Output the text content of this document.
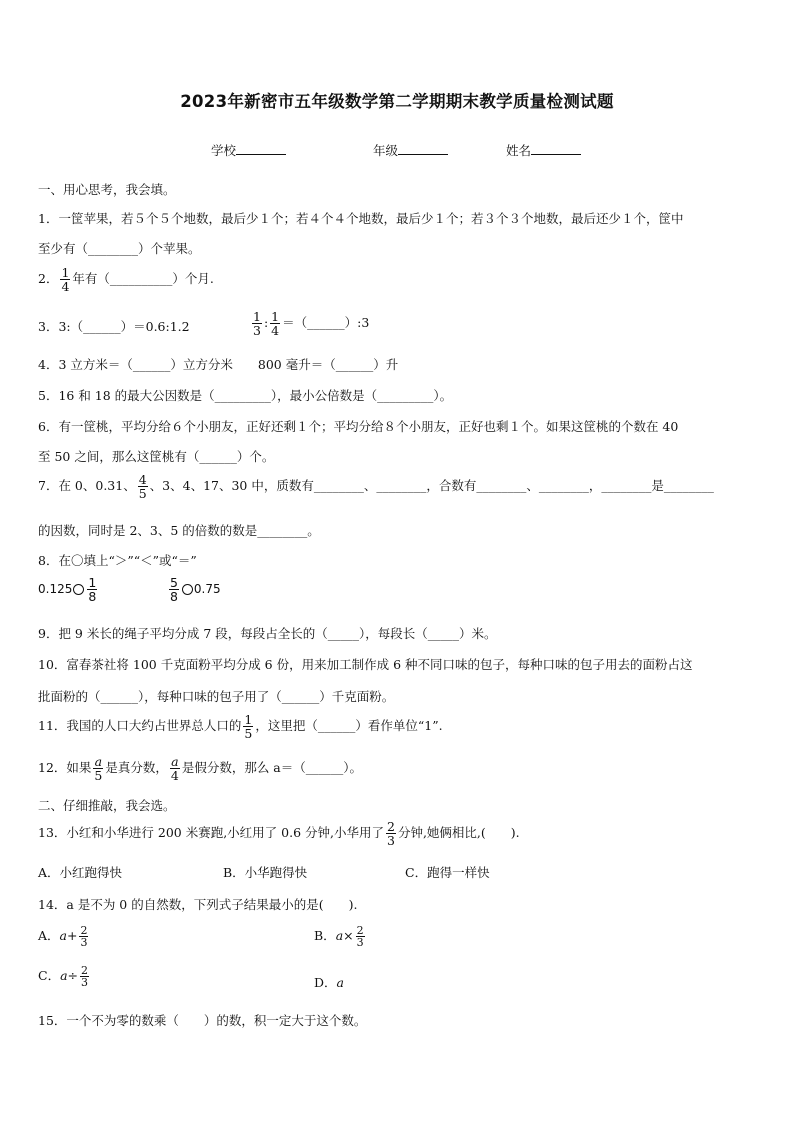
2023年新密市五年级数学第二学期期末教学质量检测试题
学校	年级	姓名
一、用心思考，我会填。
1．一筐苹果，若５个５个地数，最后少１个；若４个４个地数，最后少１个；若３个３个地数，最后还少１个，筐中
至少有（________）个苹果。
2． $\frac{1}{4}$ 年有（__________）个月.
3．3:（______）＝0.6:1.2	$\frac{1}{3}$ : $\frac{1}{4}$ ＝（______）:3
4．3 立方米＝（______）立方分米　　800 毫升＝（______）升
5．16 和 18 的最大公因数是（_________），最小公倍数是（_________）。
6．有一筐桃，平均分给６个小朋友，正好还剩１个；平均分给８个小朋友，正好也剩１个。如果这筐桃的个数在 40
至 50 之间，那么这筐桃有（______）个。
7．在 0、0.31、 $\frac{4}{5}$ 、3、4、17、30 中，质数有________、________，合数有________、________，________是________
的因数，同时是 2、3、5 的倍数的数是________。
8．在〇填上“＞”“＜”或“＝”
$0.125 \frac{1}{8}$
	$\frac{5}{8} 0.75$
9．把 9 米长的绳子平均分成 7 段，每段占全长的（_____），每段长（_____）米。
10．富春茶社将 100 千克面粉平均分成 6 份，用来加工制作成 6 种不同口味的包子，每种口味的包子用去的面粉占这
批面粉的（______），每种口味的包子用了（______）千克面粉。
11．我国的人口大约占世界总人口的 $\frac{1}{5}$ ，这里把（______）看作单位“1”.
12．如果 $\frac{a}{5}$ 是真分数， $\frac{a}{4}$ 是假分数，那么 a＝（______）。
二、仔细推敲，我会选。
13．小红和小华进行 200 米赛跑,小红用了 0.6 分钟,小华用了 $\frac{2}{3}$ 分钟,她俩相比,(　　).
A．小红跑得快	B．小华跑得快	C．跑得一样快
14．a 是不为 0 的自然数，下列式子结果最小的是(　　).
A．$a+ \frac{2}{3}$	B．$a\times \frac{2}{3}$
C．$a\div \frac{2}{3}$	D．a
15．一个不为零的数乘（　　）的数，积一定大于这个数。
